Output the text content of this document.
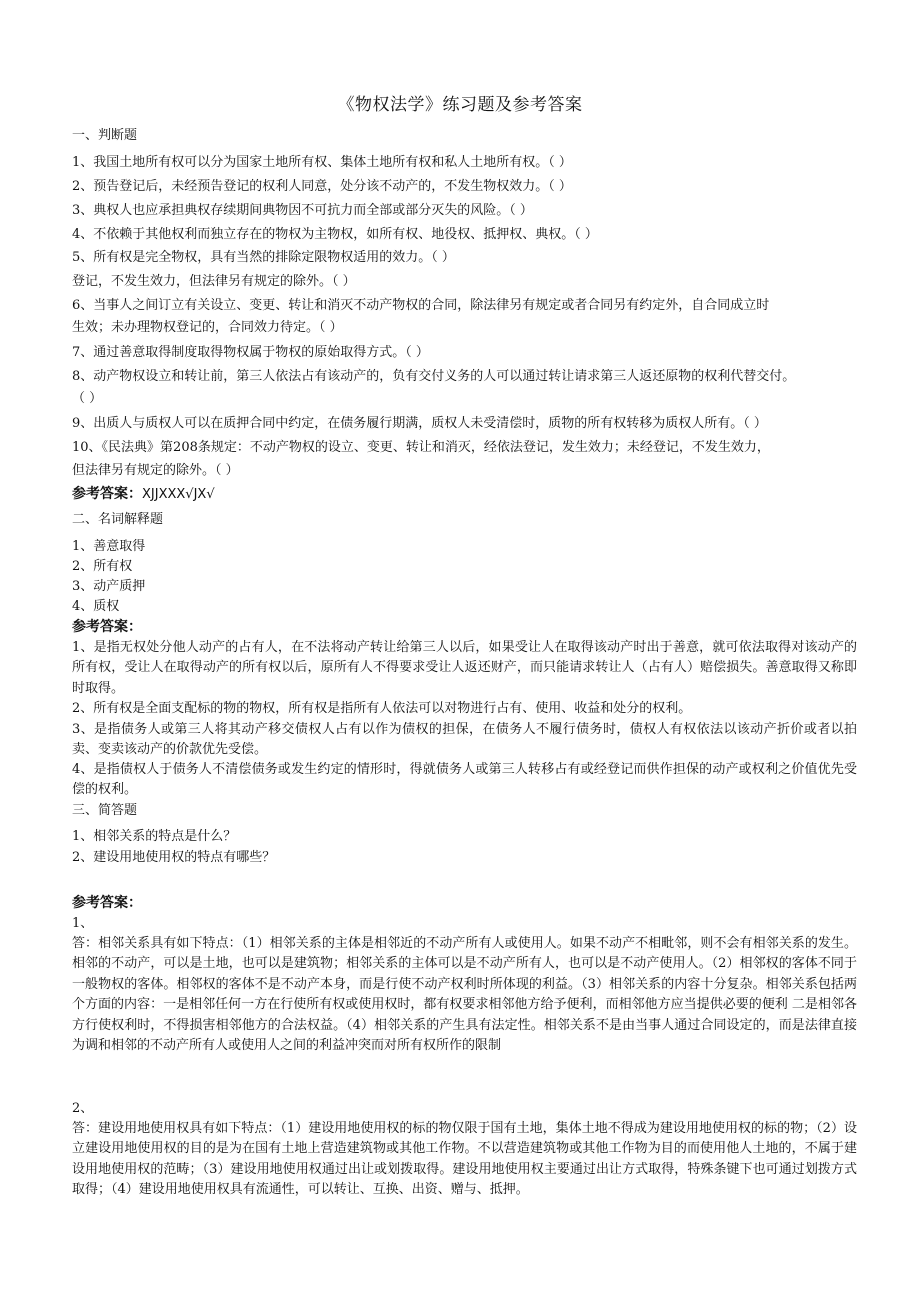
《物权法学》练习题及参考答案
一、判断题
1、我国土地所有权可以分为国家土地所有权、集体土地所有权和私人土地所有权。（ ）
2、预告登记后，未经预告登记的权利人同意，处分该不动产的，不发生物权效力。（ ）
3、典权人也应承担典权存续期间典物因不可抗力而全部或部分灭失的风险。（ ）
4、不依赖于其他权利而独立存在的物权为主物权，如所有权、地役权、抵押权、典权。（ ）
5、所有权是完全物权，具有当然的排除定限物权适用的效力。（ ）
登记，不发生效力，但法律另有规定的除外。（ ）
6、当事人之间订立有关设立、变更、转让和消灭不动产物权的合同，除法律另有规定或者合同另有约定外，自合同成立时
生效；未办理物权登记的，合同效力待定。（ ）
7、通过善意取得制度取得物权属于物权的原始取得方式。（ ）
8、动产物权设立和转让前，第三人依法占有该动产的，负有交付义务的人可以通过转让请求第三人返还原物的权利代替交付。
（ ）
9、出质人与质权人可以在质押合同中约定，在债务履行期满，质权人未受清偿时，质物的所有权转移为质权人所有。（ ）
10、《民法典》第208条规定：不动产物权的设立、变更、转让和消灭，经依法登记，发生效力；未经登记，不发生效力，
但法律另有规定的除外。（ ）
参考答案：XJJXXX√JX√
二、名词解释题
1、善意取得
2、所有权
3、动产质押
4、质权
参考答案：
1、是指无权处分他人动产的占有人，在不法将动产转让给第三人以后，如果受让人在取得该动产时出于善意，就可依法取得对该动产的所有权，受让人在取得动产的所有权以后，原所有人不得要求受让人返还财产，而只能请求转让人（占有人）赔偿损失。善意取得又称即时取得。
2、所有权是全面支配标的物的物权，所有权是指所有人依法可以对物进行占有、使用、收益和处分的权利。
3、是指债务人或第三人将其动产移交债权人占有以作为债权的担保，在债务人不履行债务时，债权人有权依法以该动产折价或者以拍卖、变卖该动产的价款优先受偿。
4、是指债权人于债务人不清偿债务或发生约定的情形时，得就债务人或第三人转移占有或经登记而供作担保的动产或权利之价值优先受偿的权利。
三、简答题
1、相邻关系的特点是什么？
2、建设用地使用权的特点有哪些？
参考答案：
1、
答：相邻关系具有如下特点：（1）相邻关系的主体是相邻近的不动产所有人或使用人。如果不动产不相毗邻，则不会有相邻关系的发生。相邻的不动产，可以是土地，也可以是建筑物；相邻关系的主体可以是不动产所有人，也可以是不动产使用人。（2）相邻权的客体不同于一般物权的客体。相邻权的客体不是不动产本身，而是行使不动产权利时所体现的利益。（3）相邻关系的内容十分复杂。相邻关系包括两个方面的内容：一是相邻任何一方在行使所有权或使用权时，都有权要求相邻他方给予便利，而相邻他方应当提供必要的便利 二是相邻各方行使权利时，不得损害相邻他方的合法权益。（4）相邻关系的产生具有法定性。相邻关系不是由当事人通过合同设定的，而是法律直接为调和相邻的不动产所有人或使用人之间的利益冲突而对所有权所作的限制
2、
答：建设用地使用权具有如下特点：（1）建设用地使用权的标的物仅限于国有土地，集体土地不得成为建设用地使用权的标的物；（2）设立建设用地使用权的目的是为在国有土地上营造建筑物或其他工作物。不以营造建筑物或其他工作物为目的而使用他人土地的，不属于建设用地使用权的范畴；（3）建设用地使用权通过出让或划拨取得。建设用地使用权主要通过出让方式取得，特殊条键下也可通过划拨方式取得；（4）建设用地使用权具有流通性，可以转让、互换、出资、赠与、抵押。
